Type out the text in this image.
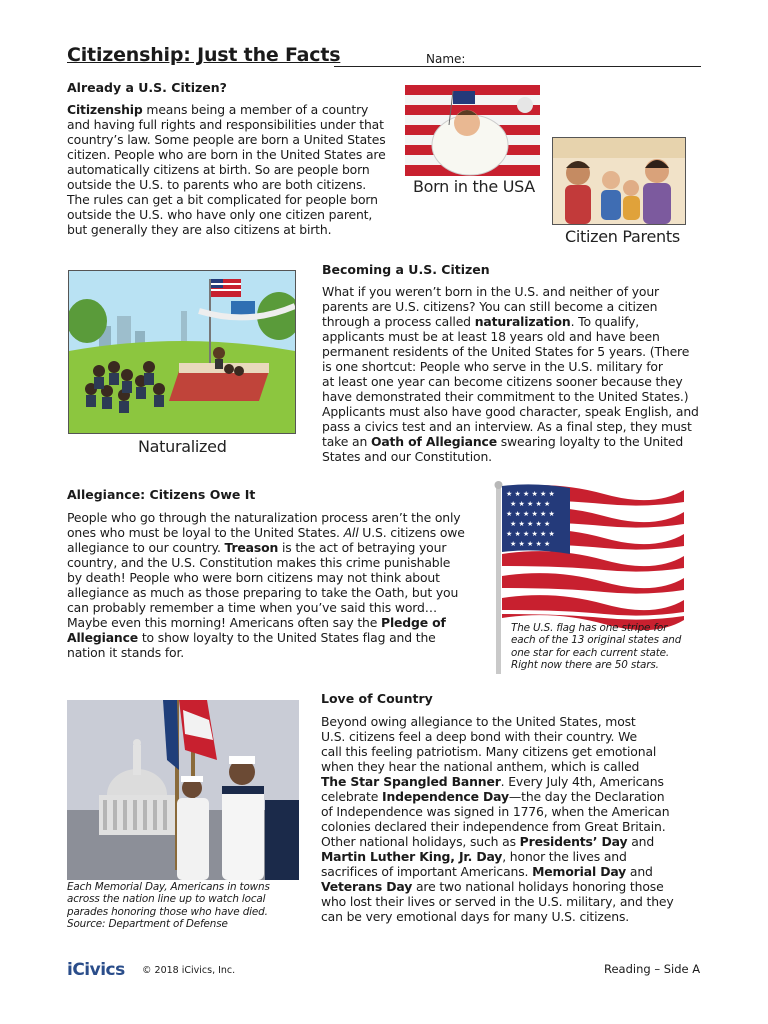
Citizenship: Just the Facts	Name:
Already a U.S. Citizen?
Citizenship means being a member of a country
and having full rights and responsibilities under that
country’s law. Some people are born a United States
citizen. People who are born in the United States are
automatically citizens at birth. So are people born
outside the U.S. to parents who are both citizens.
The rules can get a bit complicated for people born
outside the U.S. who have only one citizen parent,
but generally they are also citizens at birth.
Born in the USA
Citizen Parents
Naturalized
Becoming a U.S. Citizen
What if you weren’t born in the U.S. and neither of your
parents are U.S. citizens? You can still become a citizen
through a process called naturalization. To qualify,
applicants must be at least 18 years old and have been
permanent residents of the United States for 5 years. (There
is one shortcut: People who serve in the U.S. military for
at least one year can become citizens sooner because they
have demonstrated their commitment to the United States.)
Applicants must also have good character, speak English, and
pass a civics test and an interview. As a final step, they must
take an Oath of Allegiance swearing loyalty to the United
States and our Constitution.
Allegiance: Citizens Owe It
People who go through the naturalization process aren’t the only
ones who must be loyal to the United States. All U.S. citizens owe
allegiance to our country. Treason is the act of betraying your
country, and the U.S. Constitution makes this crime punishable
by death! People who were born citizens may not think about
allegiance as much as those preparing to take the Oath, but you
can probably remember a time when you’ve said this word…
Maybe even this morning! Americans often say the Pledge of
Allegiance to show loyalty to the United States flag and the
nation it stands for.
★ ★ ★ ★ ★ ★
★ ★ ★ ★ ★
★ ★ ★ ★ ★ ★
★ ★ ★ ★ ★
★ ★ ★ ★ ★ ★
★ ★ ★ ★ ★
The U.S. flag has one stripe for
each of the 13 original states and
one star for each current state.
Right now there are 50 stars.
Each Memorial Day, Americans in towns
across the nation line up to watch local
parades honoring those who have died.
Source: Department of Defense
Love of Country
Beyond owing allegiance to the United States, most
U.S. citizens feel a deep bond with their country. We
call this feeling patriotism. Many citizens get emotional
when they hear the national anthem, which is called
The Star Spangled Banner. Every July 4th, Americans
celebrate Independence Day—the day the Declaration
of Independence was signed in 1776, when the American
colonies declared their independence from Great Britain.
Other national holidays, such as Presidents’ Day and
Martin Luther King, Jr. Day, honor the lives and
sacrifices of important Americans. Memorial Day and
Veterans Day are two national holidays honoring those
who lost their lives or served in the U.S. military, and they
can be very emotional days for many U.S. citizens.
iCivics © 2018 iCivics, Inc.	Reading – Side A
